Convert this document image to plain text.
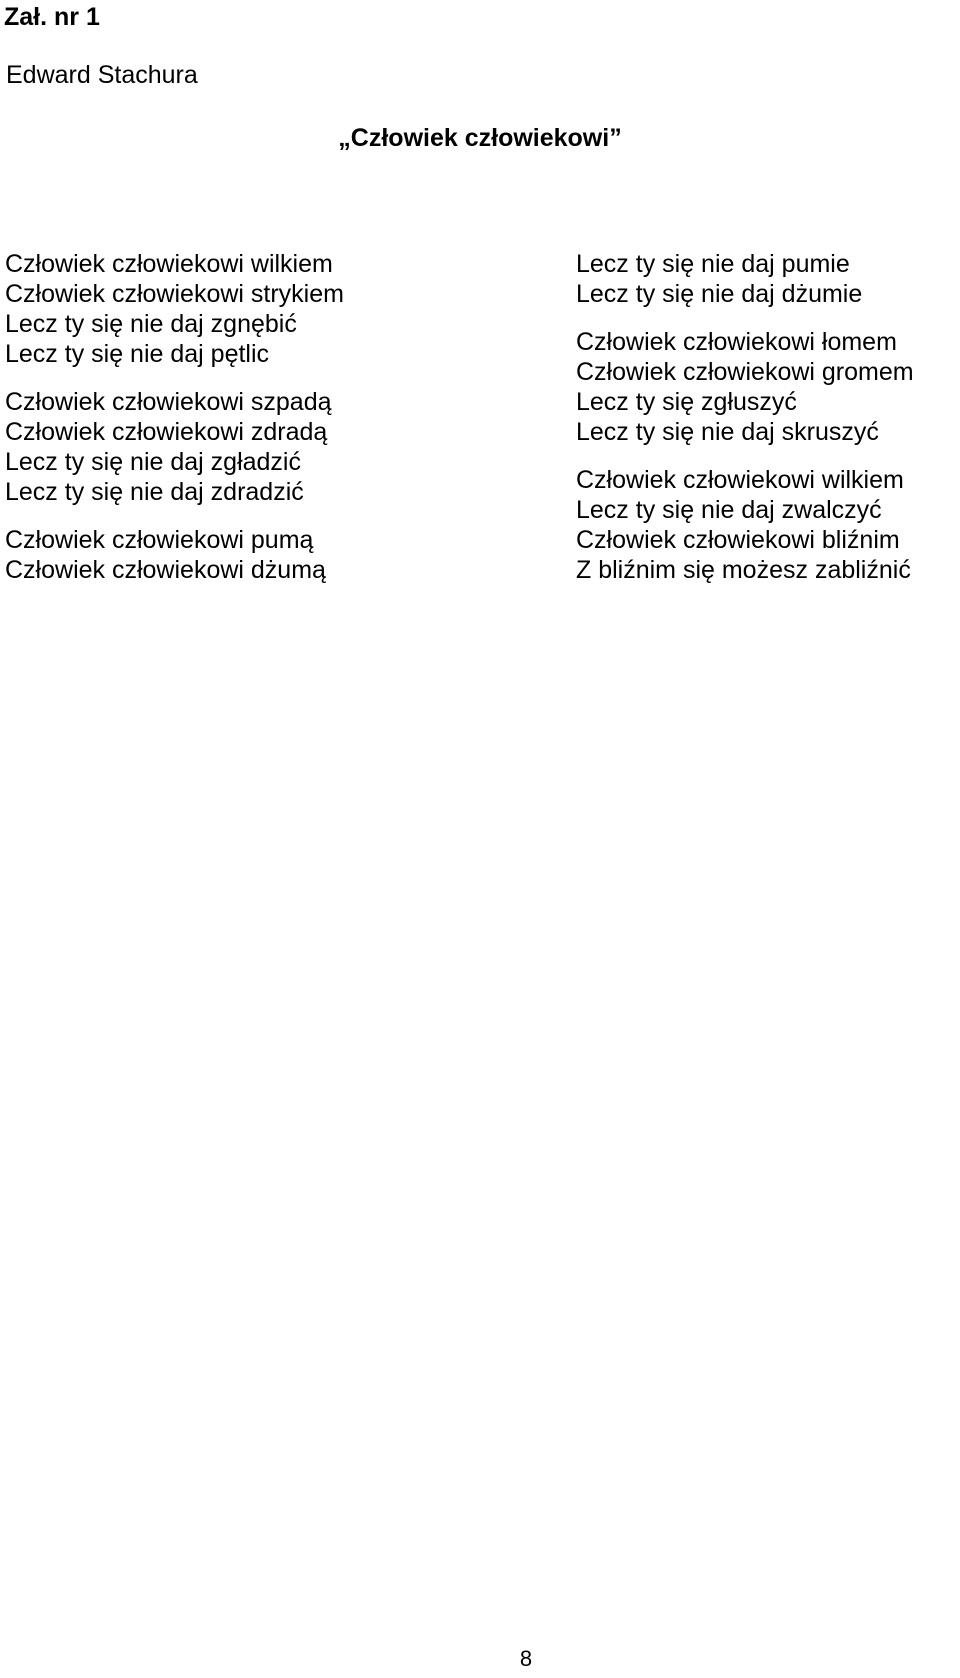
Zał. nr 1
Edward Stachura
„Człowiek człowiekowi”
Człowiek człowiekowi wilkiem
Człowiek człowiekowi strykiem
Lecz ty się nie daj zgnębić
Lecz ty się nie daj pętlic
Człowiek człowiekowi szpadą
Człowiek człowiekowi zdradą
Lecz ty się nie daj zgładzić
Lecz ty się nie daj zdradzić
Człowiek człowiekowi pumą
Człowiek człowiekowi dżumą
Lecz ty się nie daj pumie
Lecz ty się nie daj dżumie
Człowiek człowiekowi łomem
Człowiek człowiekowi gromem
Lecz ty się zgłuszyć
Lecz ty się nie daj skruszyć
Człowiek człowiekowi wilkiem
Lecz ty się nie daj zwalczyć
Człowiek człowiekowi bliźnim
Z bliźnim się możesz zabliźnić
8
